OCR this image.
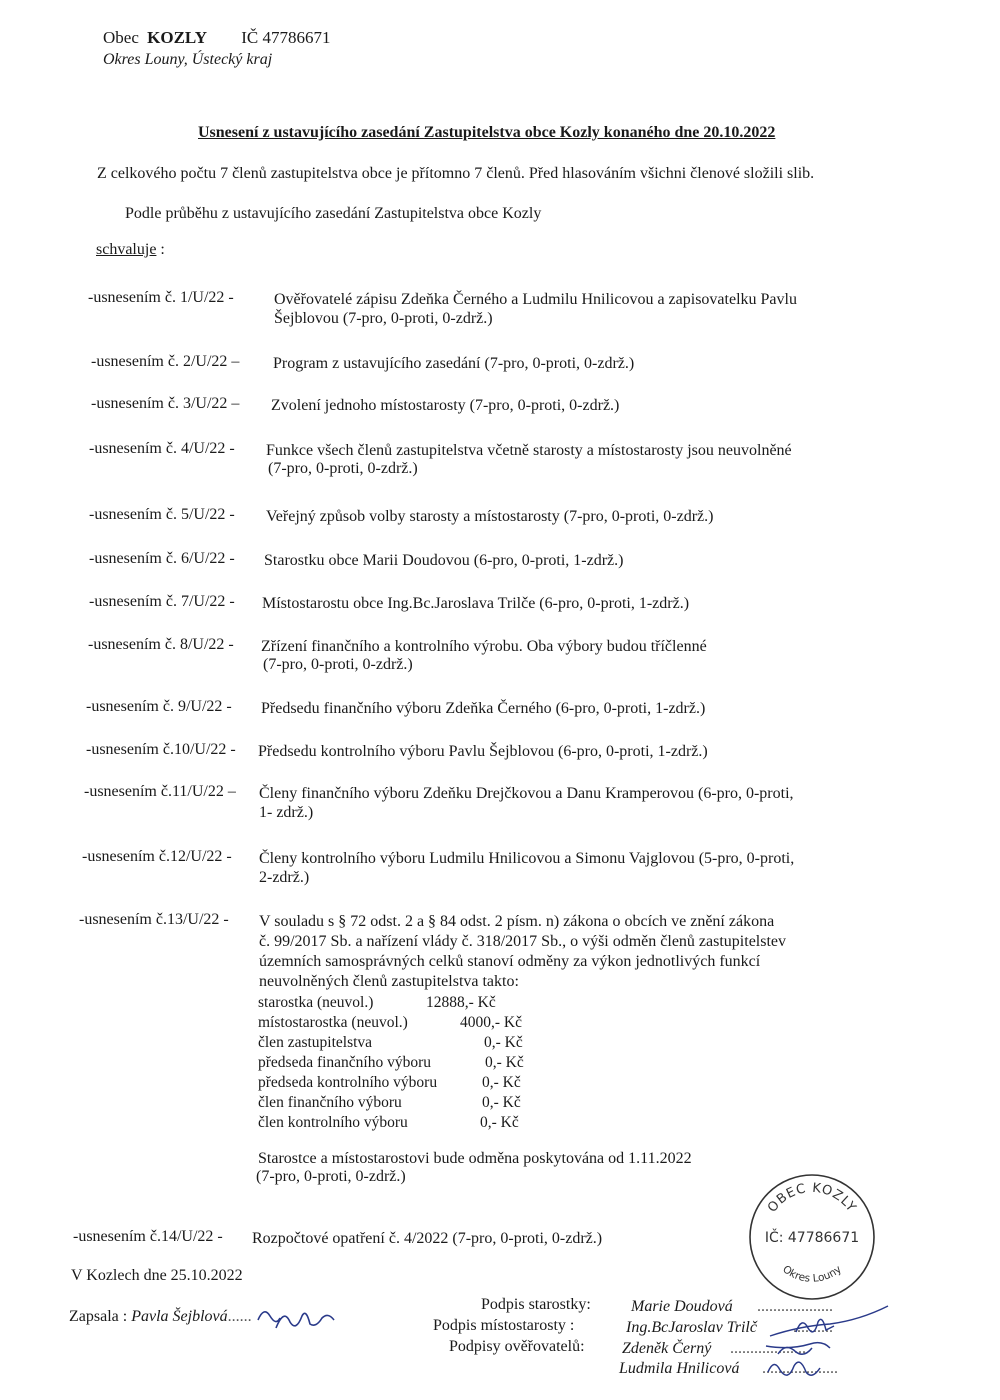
Obec KOZLY IČ 47786671
Okres Louny, Ústecký kraj
Usnesení z ustavujícího zasedání Zastupitelstva obce Kozly konaného dne 20.10.2022
Z celkového počtu 7 členů zastupitelstva obce je přítomno 7 členů. Před hlasováním všichni členové složili slib.
Podle průběhu z ustavujícího zasedání Zastupitelstva obce Kozly
schvaluje :
-usnesením č. 1/U/22 -	Ověřovatelé zápisu Zdeňka Černého a Ludmilu Hnilicovou a zapisovatelku Pavlu
Šejblovou (7-pro, 0-proti, 0-zdrž.)
-usnesením č. 2/U/22 – Program z ustavujícího zasedání (7-pro, 0-proti, 0-zdrž.)
-usnesením č. 3/U/22 – Zvolení jednoho místostarosty (7-pro, 0-proti, 0-zdrž.)
-usnesením č. 4/U/22 - Funkce všech členů zastupitelstva včetně starosty a místostarosty jsou neuvolněné
(7-pro, 0-proti, 0-zdrž.)
-usnesením č. 5/U/22 - Veřejný způsob volby starosty a místostarosty (7-pro, 0-proti, 0-zdrž.)
-usnesením č. 6/U/22 - Starostku obce Marii Doudovou (6-pro, 0-proti, 1-zdrž.)
-usnesením č. 7/U/22 - Místostarostu obce Ing.Bc.Jaroslava Trilče (6-pro, 0-proti, 1-zdrž.)
-usnesením č. 8/U/22 - Zřízení finančního a kontrolního výrobu. Oba výbory budou tříčlenné
(7-pro, 0-proti, 0-zdrž.)
-usnesením č. 9/U/22 - Předsedu finančního výboru Zdeňka Černého (6-pro, 0-proti, 1-zdrž.)
-usnesením č.10/U/22 - Předsedu kontrolního výboru Pavlu Šejblovou (6-pro, 0-proti, 1-zdrž.)
-usnesením č.11/U/22 – Členy finančního výboru Zdeňku Drejčkovou a Danu Kramperovou (6-pro, 0-proti,
1- zdrž.)
-usnesením č.12/U/22 - Členy kontrolního výboru Ludmilu Hnilicovou a Simonu Vajglovou (5-pro, 0-proti,
2-zdrž.)
-usnesením č.13/U/22 - V souladu s § 72 odst. 2 a § 84 odst. 2 písm. n) zákona o obcích ve znění zákona
č. 99/2017 Sb. a nařízení vlády č. 318/2017 Sb., o výši odměn členů zastupitelstev
územních samosprávných celků stanoví odměny za výkon jednotlivých funkcí
neuvolněných členů zastupitelstva takto:
starostka (neuvol.)	12888,- Kč
místostarostka (neuvol.)	4000,- Kč
člen zastupitelstva	0,- Kč
předseda finančního výboru	0,- Kč
předseda kontrolního výboru	0,- Kč
člen finančního výboru	0,- Kč
člen kontrolního výboru	0,- Kč
Starostce a místostarostovi bude odměna poskytována od 1.11.2022
(7-pro, 0-proti, 0-zdrž.)
-usnesením č.14/U/22 - Rozpočtové opatření č. 4/2022 (7-pro, 0-proti, 0-zdrž.)
V Kozlech dne 25.10.2022
Zapsala : Pavla Šejblová......
Podpis starostky:	Marie Doudová ...................
Podpis místostarosty :	Ing.BcJaroslav Trilč ..........
Podpisy ověřovatelů: Zdeněk Černý ...................
Ludmila Hnilicová ...................
OBEC KOZLY
IČ: 47786671
Okres Louny
